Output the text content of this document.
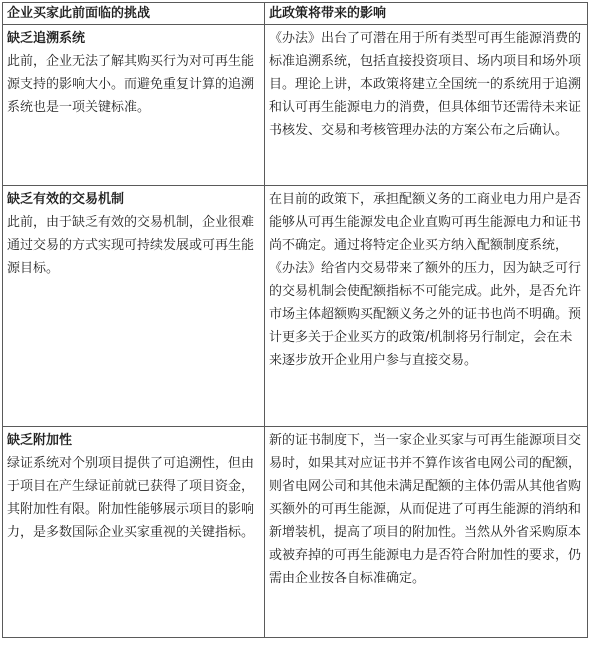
企业买家此前面临的挑战	此政策将带来的影响

缺乏追溯系统
此前，企业无法了解其购买行为对可再生能源支持的影响大小。而避免重复计算的追溯系统也是一项关键标准。	《办法》出台了可潜在用于所有类型可再生能源消费的标准追溯系统，包括直接投资项目、场内项目和场外项目。理论上讲，本政策将建立全国统一的系统用于追溯和认可再生能源电力的消费，但具体细节还需待未来证书核发、交易和考核管理办法的方案公布之后确认。

缺乏有效的交易机制
此前，由于缺乏有效的交易机制，企业很难通过交易的方式实现可持续发展或可再生能源目标。	在目前的政策下，承担配额义务的工商业电力用户是否能够从可再生能源发电企业直购可再生能源电力和证书尚不确定。通过将特定企业买方纳入配额制度系统，《办法》给省内交易带来了额外的压力，因为缺乏可行的交易机制会使配额指标不可能完成。此外，是否允许市场主体超额购买配额义务之外的证书也尚不明确。预计更多关于企业买方的政策/机制将另行制定，会在未来逐步放开企业用户参与直接交易。

缺乏附加性
绿证系统对个别项目提供了可追溯性，但由于项目在产生绿证前就已获得了项目资金，其附加性有限。附加性能够展示项目的影响力，是多数国际企业买家重视的关键指标。	新的证书制度下，当一家企业买家与可再生能源项目交易时，如果其对应证书并不算作该省电网公司的配额，则省电网公司和其他未满足配额的主体仍需从其他省购买额外的可再生能源，从而促进了可再生能源的消纳和新增装机，提高了项目的附加性。当然从外省采购原本或被弃掉的可再生能源电力是否符合附加性的要求，仍需由企业按各自标准确定。
